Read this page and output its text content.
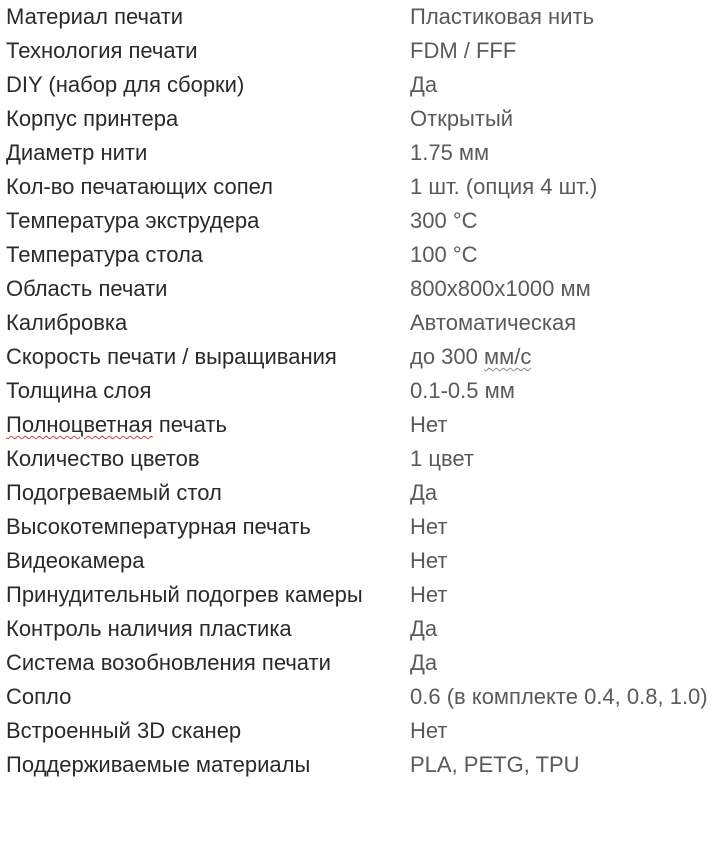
Материал печати	Пластиковая нить
Технология печати	FDM / FFF
DIY (набор для сборки)	Да
Корпус принтера	Открытый
Диаметр нити	1.75 мм
Кол-во печатающих сопел	1 шт. (опция 4 шт.)
Температура экструдера	300 °C
Температура стола	100 °C
Область печати	800x800x1000 мм
Калибровка	Автоматическая
Скорость печати / выращивания	до 300 мм/с
Толщина слоя	0.1-0.5 мм
Полноцветная печать	Нет
Количество цветов	1 цвет
Подогреваемый стол	Да
Высокотемпературная печать	Нет
Видеокамера	Нет
Принудительный подогрев камеры	Нет
Контроль наличия пластика	Да
Система возобновления печати	Да
Сопло	0.6 (в комплекте 0.4, 0.8, 1.0)
Встроенный 3D сканер	Нет
Поддерживаемые материалы	PLA, PETG, TPU
